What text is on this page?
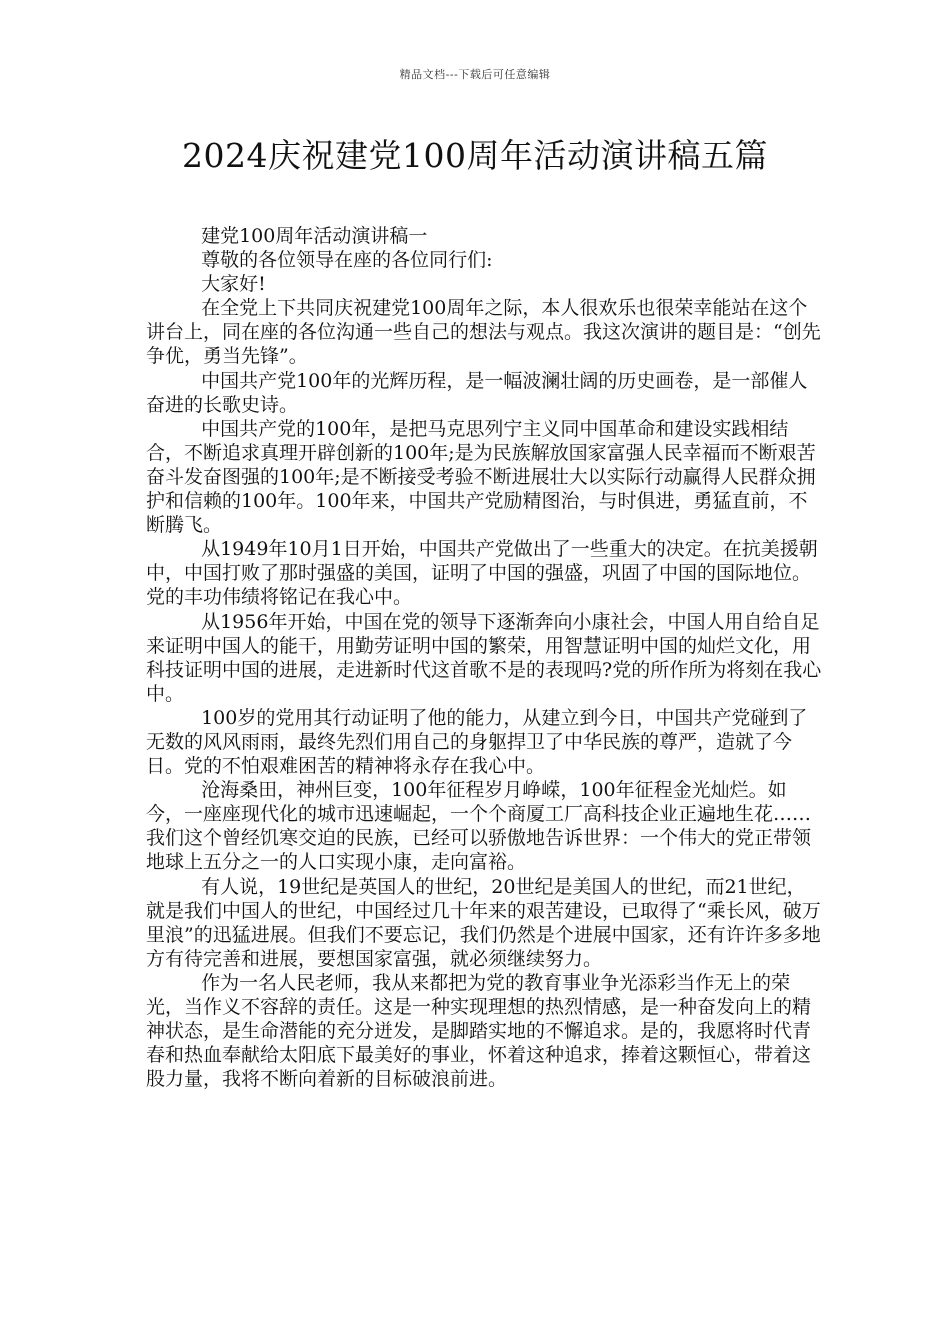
精品文档---下载后可任意编辑
2024庆祝建党100周年活动演讲稿五篇

建党100周年活动演讲稿一

尊敬的各位领导在座的各位同行们:

大家好!

在全党上下共同庆祝建党100周年之际，本人很欢乐也很荣幸能站在这个讲台上，同在座的各位沟通一些自己的想法与观点。我这次演讲的题目是：“创先争优，勇当先锋”。

中国共产党100年的光辉历程，是一幅波澜壮阔的历史画卷，是一部催人奋进的长歌史诗。

中国共产党的100年，是把马克思列宁主义同中国革命和建设实践相结合，不断追求真理开辟创新的100年;是为民族解放国家富强人民幸福而不断艰苦奋斗发奋图强的100年;是不断接受考验不断进展壮大以实际行动赢得人民群众拥护和信赖的100年。100年来，中国共产党励精图治，与时俱进，勇猛直前，不断腾飞。

从1949年10月1日开始，中国共产党做出了一些重大的决定。在抗美援朝中，中国打败了那时强盛的美国，证明了中国的强盛，巩固了中国的国际地位。党的丰功伟绩将铭记在我心中。

从1956年开始，中国在党的领导下逐渐奔向小康社会，中国人用自给自足来证明中国人的能干，用勤劳证明中国的繁荣，用智慧证明中国的灿烂文化，用科技证明中国的进展，走进新时代这首歌不是的表现吗?党的所作所为将刻在我心中。

100岁的党用其行动证明了他的能力，从建立到今日，中国共产党碰到了无数的风风雨雨，最终先烈们用自己的身躯捍卫了中华民族的尊严，造就了今日。党的不怕艰难困苦的精神将永存在我心中。

沧海桑田，神州巨变，100年征程岁月峥嵘，100年征程金光灿烂。如今，一座座现代化的城市迅速崛起，一个个商厦工厂高科技企业正遍地生花……我们这个曾经饥寒交迫的民族，已经可以骄傲地告诉世界：一个伟大的党正带领地球上五分之一的人口实现小康，走向富裕。

有人说，19世纪是英国人的世纪，20世纪是美国人的世纪，而21世纪，就是我们中国人的世纪，中国经过几十年来的艰苦建设，已取得了“乘长风，破万里浪”的迅猛进展。但我们不要忘记，我们仍然是个进展中国家，还有许许多多地方有待完善和进展，要想国家富强，就必须继续努力。

作为一名人民老师，我从来都把为党的教育事业争光添彩当作无上的荣光，当作义不容辞的责任。这是一种实现理想的热烈情感，是一种奋发向上的精神状态，是生命潜能的充分迸发，是脚踏实地的不懈追求。是的，我愿将时代青春和热血奉献给太阳底下最美好的事业，怀着这种追求，捧着这颗恒心，带着这股力量，我将不断向着新的目标破浪前进。
